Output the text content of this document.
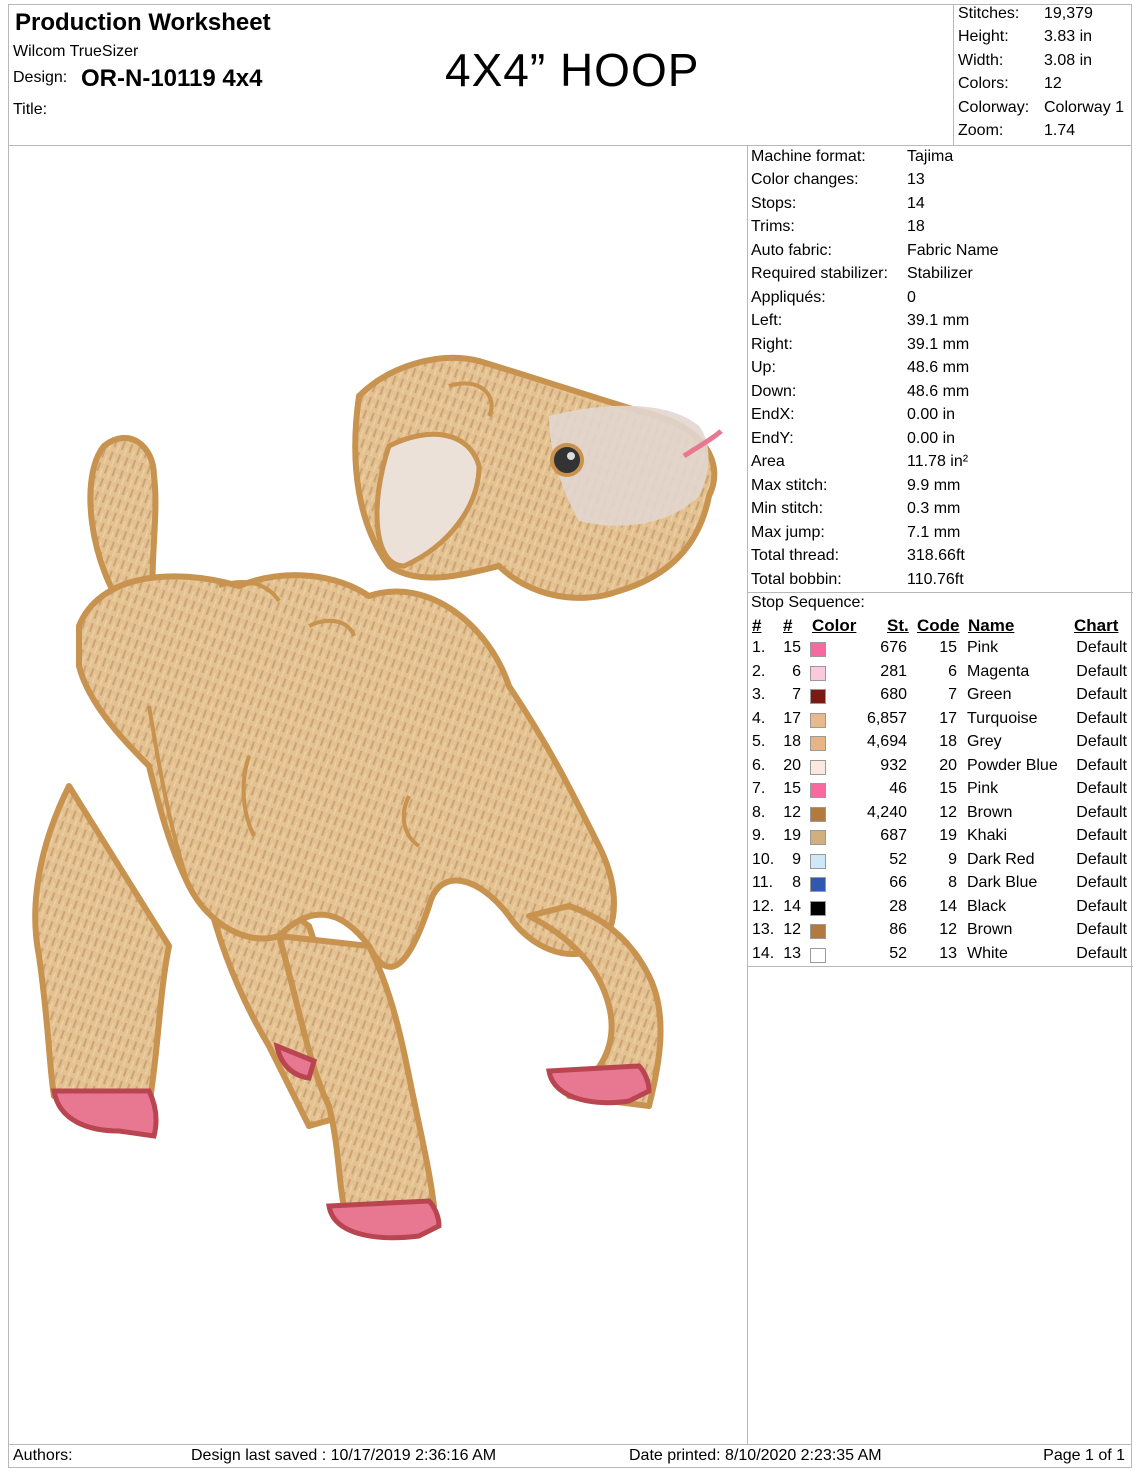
Production Worksheet
Wilcom TrueSizer
Design: OR-N-10119 4x4
Title:
4X4” HOOP
Stitches: 19,379
Height: 3.83 in
Width:	3.08 in
Colors: 12
Colorway: Colorway 1
Zoom:	1.74
Machine format:	Tajima
Color changes:	13
Stops:	14
Trims:	18
Auto fabric:	Fabric Name
Required stabilizer: Stabilizer
Appliqués:	0
Left:	39.1 mm
Right:	39.1 mm
Up:	48.6 mm
Down:	48.6 mm
EndX:	0.00 in
EndY:	0.00 in
Area	11.78 in²
Max stitch:	9.9 mm
Min stitch:	0.3 mm
Max jump:	7.1 mm
Total thread:	318.66ft
Total bobbin:	110.76ft
Stop Sequence:
# # Color St. Code Name	Chart
1.	15	676	15 Pink	Default
2.	6	281	6 Magenta	Default
3.	7	680	7 Green	Default
4.	17	6,857	17 Turquoise Default
5.	18	4,694	18 Grey	Default
6.	20	932	20 Powder Blue Default
7.	15	46	15 Pink	Default
8.	12	4,240	12 Brown	Default
9.	19	687	19 Khaki	Default
10.	9	52	9 Dark Red	Default
11.	8	66	8 Dark Blue Default
12. 14	28	14 Black	Default
13. 12	86	12 Brown	Default
14. 13	52	13 White	Default
Authors:	Design last saved : 10/17/2019 2:36:16 AM	Date printed: 8/10/2020 2:23:35 AM	Page 1 of 1
